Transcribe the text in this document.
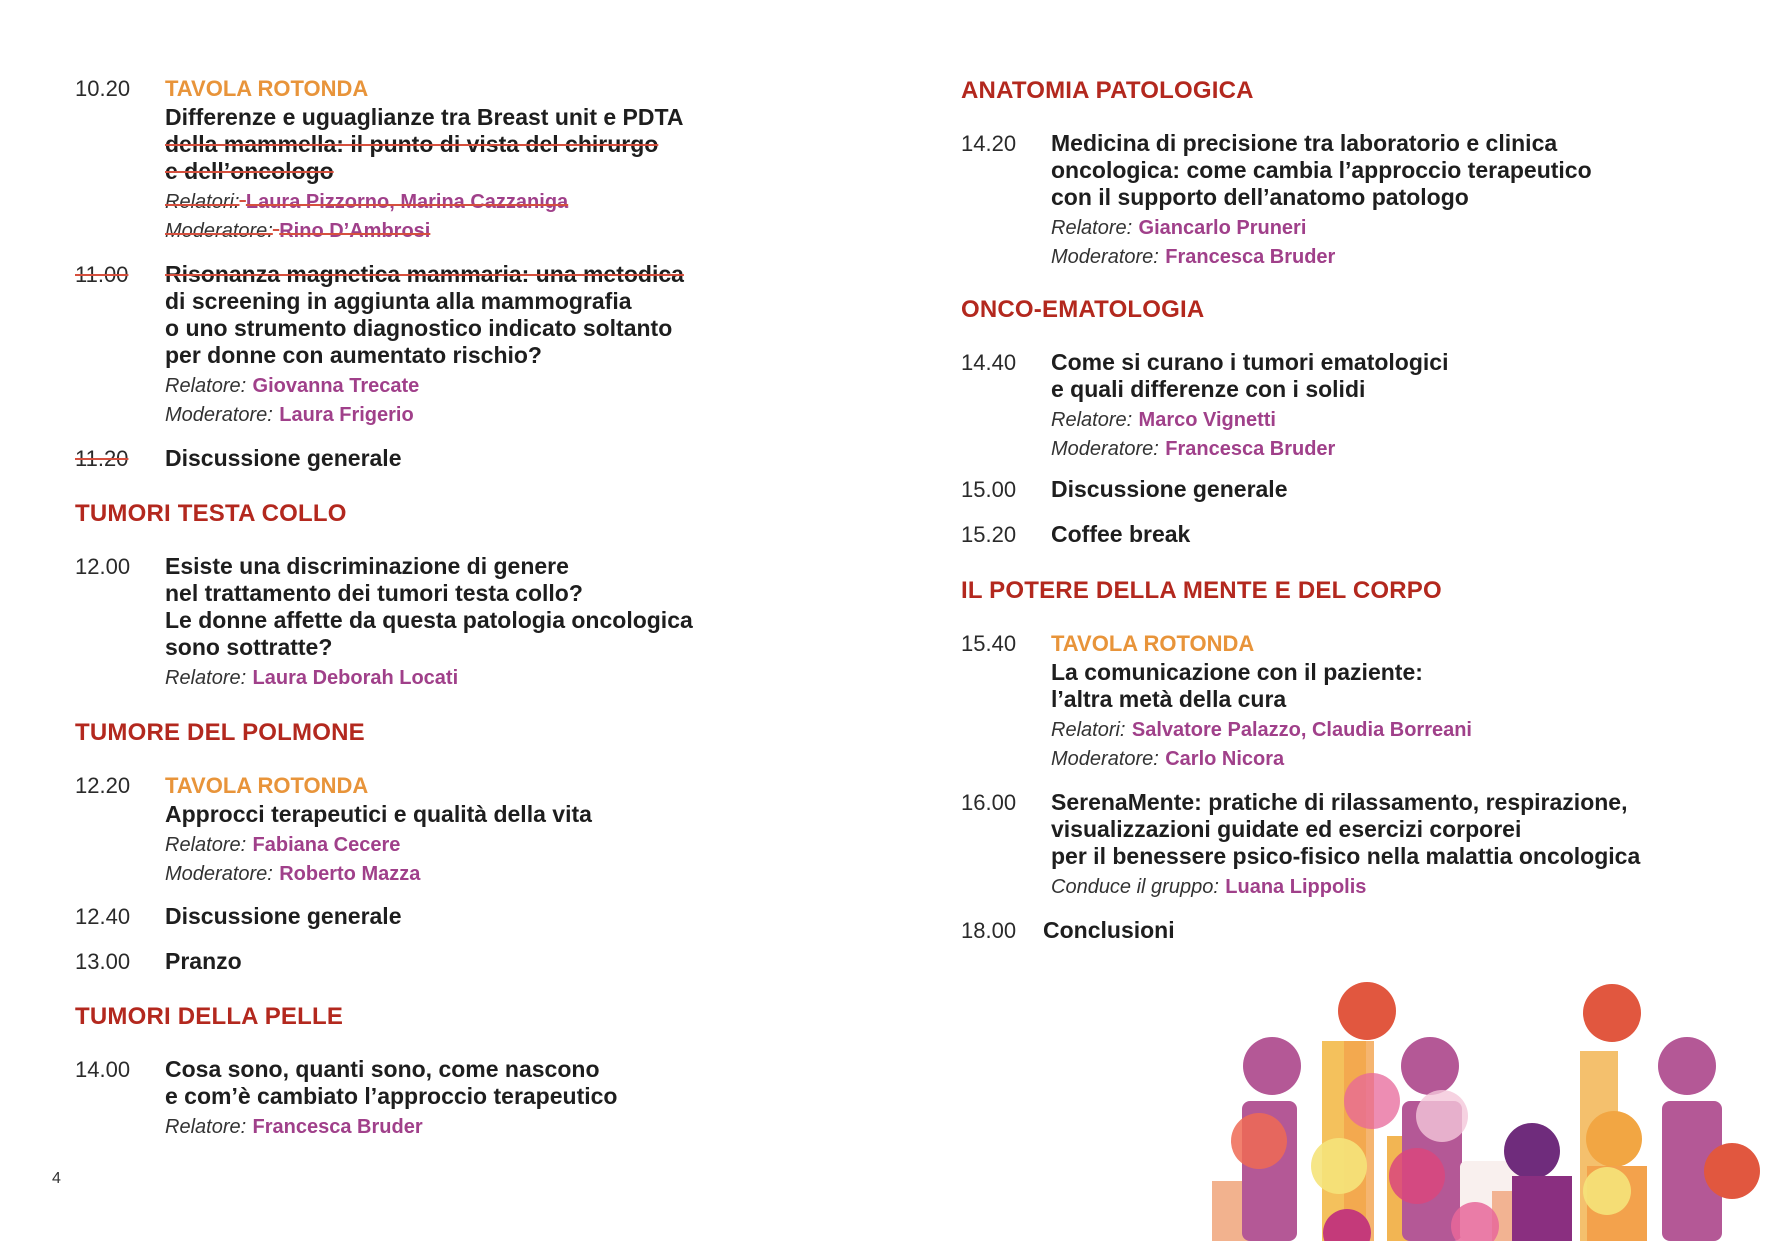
10.20 TAVOLA ROTONDA
Differenze e uguaglianze tra Breast unit e PDTA
della mammella: il punto di vista del chirurgo
e dell’oncologo
Relatori: Laura Pizzorno, Marina Cazzaniga
Moderatore: Rino D’Ambrosi
11.00 Risonanza magnetica mammaria: una metodica
di screening in aggiunta alla mammografia
o uno strumento diagnostico indicato soltanto
per donne con aumentato rischio?
Relatore: Giovanna Trecate
Moderatore: Laura Frigerio
11.20 Discussione generale
TUMORI TESTA COLLO
12.00 Esiste una discriminazione di genere
nel trattamento dei tumori testa collo?
Le donne affette da questa patologia oncologica
sono sottratte?
Relatore: Laura Deborah Locati
TUMORE DEL POLMONE
12.20 TAVOLA ROTONDA
Approcci terapeutici e qualità della vita
Relatore: Fabiana Cecere
Moderatore: Roberto Mazza
12.40 Discussione generale
13.00 Pranzo
TUMORI DELLA PELLE
14.00 Cosa sono, quanti sono, come nascono
e com’è cambiato l’approccio terapeutico
Relatore: Francesca Bruder
4
ANATOMIA PATOLOGICA
14.20 Medicina di precisione tra laboratorio e clinica
oncologica: come cambia l’approccio terapeutico
con il supporto dell’anatomo patologo
Relatore: Giancarlo Pruneri
Moderatore: Francesca Bruder
ONCO-EMATOLOGIA
14.40 Come si curano i tumori ematologici
e quali differenze con i solidi
Relatore: Marco Vignetti
Moderatore: Francesca Bruder
15.00 Discussione generale
15.20 Coffee break
IL POTERE DELLA MENTE E DEL CORPO
15.40 TAVOLA ROTONDA
La comunicazione con il paziente:
l’altra metà della cura
Relatori: Salvatore Palazzo, Claudia Borreani
Moderatore: Carlo Nicora
16.00 SerenaMente: pratiche di rilassamento, respirazione,
visualizzazioni guidate ed esercizi corporei
per il benessere psico-fisico nella malattia oncologica
Conduce il gruppo: Luana Lippolis
18.00 Conclusioni
